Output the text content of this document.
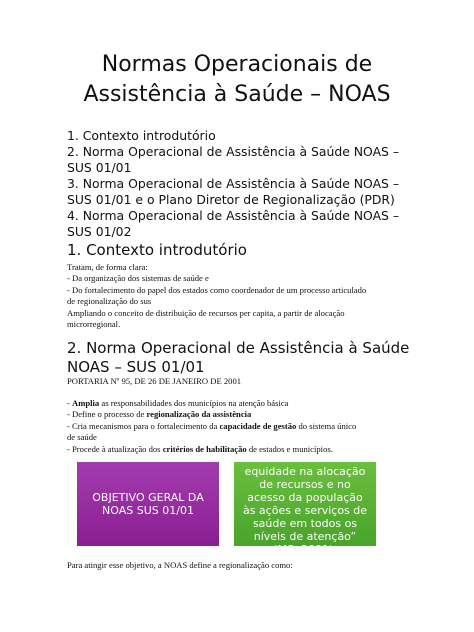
Normas Operacionais de
Assistência à Saúde – NOAS
1. Contexto introdutório
2. Norma Operacional de Assistência à Saúde NOAS –
SUS 01/01
3. Norma Operacional de Assistência à Saúde NOAS –
SUS 01/01 e o Plano Diretor de Regionalização (PDR)
4. Norma Operacional de Assistência à Saúde NOAS –
SUS 01/02
1. Contexto introdutório
Tratam, de forma clara:
- Da organização dos sistemas de saúde e
- Do fortalecimento do papel dos estados como coordenador de um processo articulado
de regionalização do sus
Ampliando o conceito de distribuição de recursos per capita, a partir de alocação
microrregional.
2. Norma Operacional de Assistência à Saúde
NOAS – SUS 01/01
PORTARIA Nº 95, DE 26 DE JANEIRO DE 2001
- Amplia as responsabilidades dos municípios na atenção básica
- Define o processo de regionalização da assistência
- Cria mecanismos para o fortalecimento da capacidade de gestão do sistema único
de saúde
- Procede à atualização dos critérios de habilitação de estados e municípios.
OBJETIVO GERAL DA NOAS SUS 01/01
“Promover maior equidade na alocação de recursos e no acesso da população às ações e serviços de saúde em todos os níveis de atenção” (MS, 2001).
Para atingir esse objetivo, a NOAS define a regionalização como:
